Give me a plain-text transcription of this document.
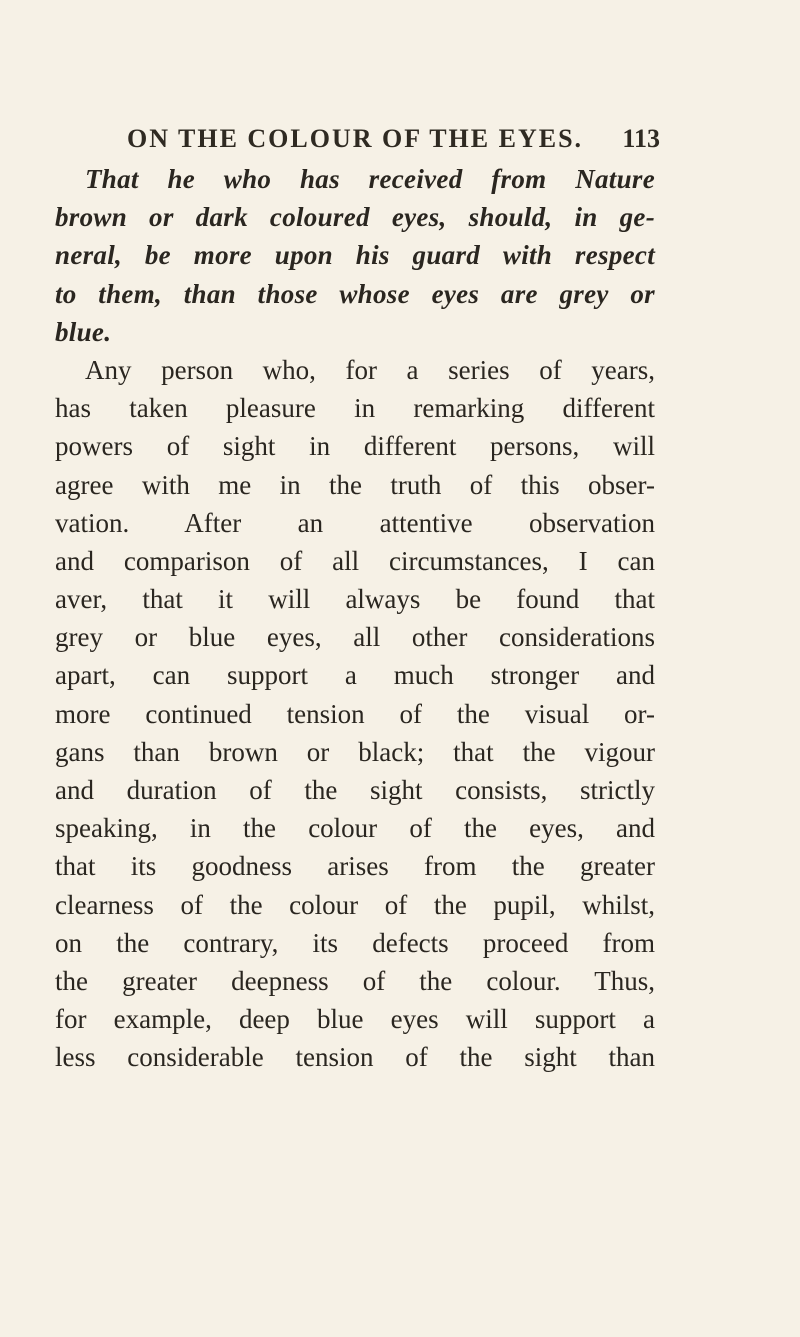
ON THE COLOUR OF THE EYES. 113
That he who has received from Nature
brown or dark coloured eyes, should, in ge-
neral, be more upon his guard with respect
to them, than those whose eyes are grey or
blue.
Any person who, for a series of years,
has taken pleasure in remarking different
powers of sight in different persons, will
agree with me in the truth of this obser-
vation. After an attentive observation
and comparison of all circumstances, I can
aver, that it will always be found that
grey or blue eyes, all other considerations
apart, can support a much stronger and
more continued tension of the visual or-
gans than brown or black; that the vigour
and duration of the sight consists, strictly
speaking, in the colour of the eyes, and
that its goodness arises from the greater
clearness of the colour of the pupil, whilst,
on the contrary, its defects proceed from
the greater deepness of the colour. Thus,
for example, deep blue eyes will support a
less considerable tension of the sight than
